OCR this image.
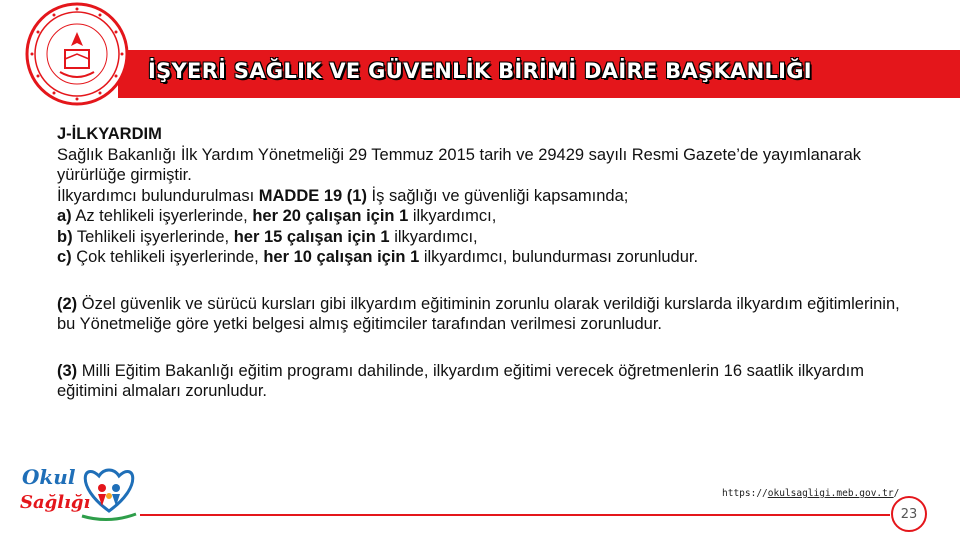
İŞYERİ SAĞLIK VE GÜVENLİK BİRİMİ DAİRE BAŞKANLIĞI

J-İLKYARDIM

Sağlık Bakanlığı İlk Yardım Yönetmeliği 29 Temmuz 2015 tarih ve 29429 sayılı Resmi Gazete’de yayımlanarak yürürlüğe girmiştir.

İlkyardımcı bulundurulması MADDE 19 (1) İş sağlığı ve güvenliği kapsamında;

a) Az tehlikeli işyerlerinde, her 20 çalışan için 1 ilkyardımcı,

b) Tehlikeli işyerlerinde, her 15 çalışan için 1 ilkyardımcı,

c) Çok tehlikeli işyerlerinde, her 10 çalışan için 1 ilkyardımcı, bulundurması zorunludur.

(2) Özel güvenlik ve sürücü kursları gibi ilkyardım eğitiminin zorunlu olarak verildiği kurslarda ilkyardım eğitimlerinin, bu Yönetmeliğe göre yetki belgesi almış eğitimciler tarafından verilmesi zorunludur.

(3) Milli Eğitim Bakanlığı eğitim programı dahilinde, ilkyardım eğitimi verecek öğretmenlerin 16 saatlik ilkyardım eğitimini almaları zorunludur.

Okul
Sağlığı	https://okulsagligi.meb.gov.tr/
23
